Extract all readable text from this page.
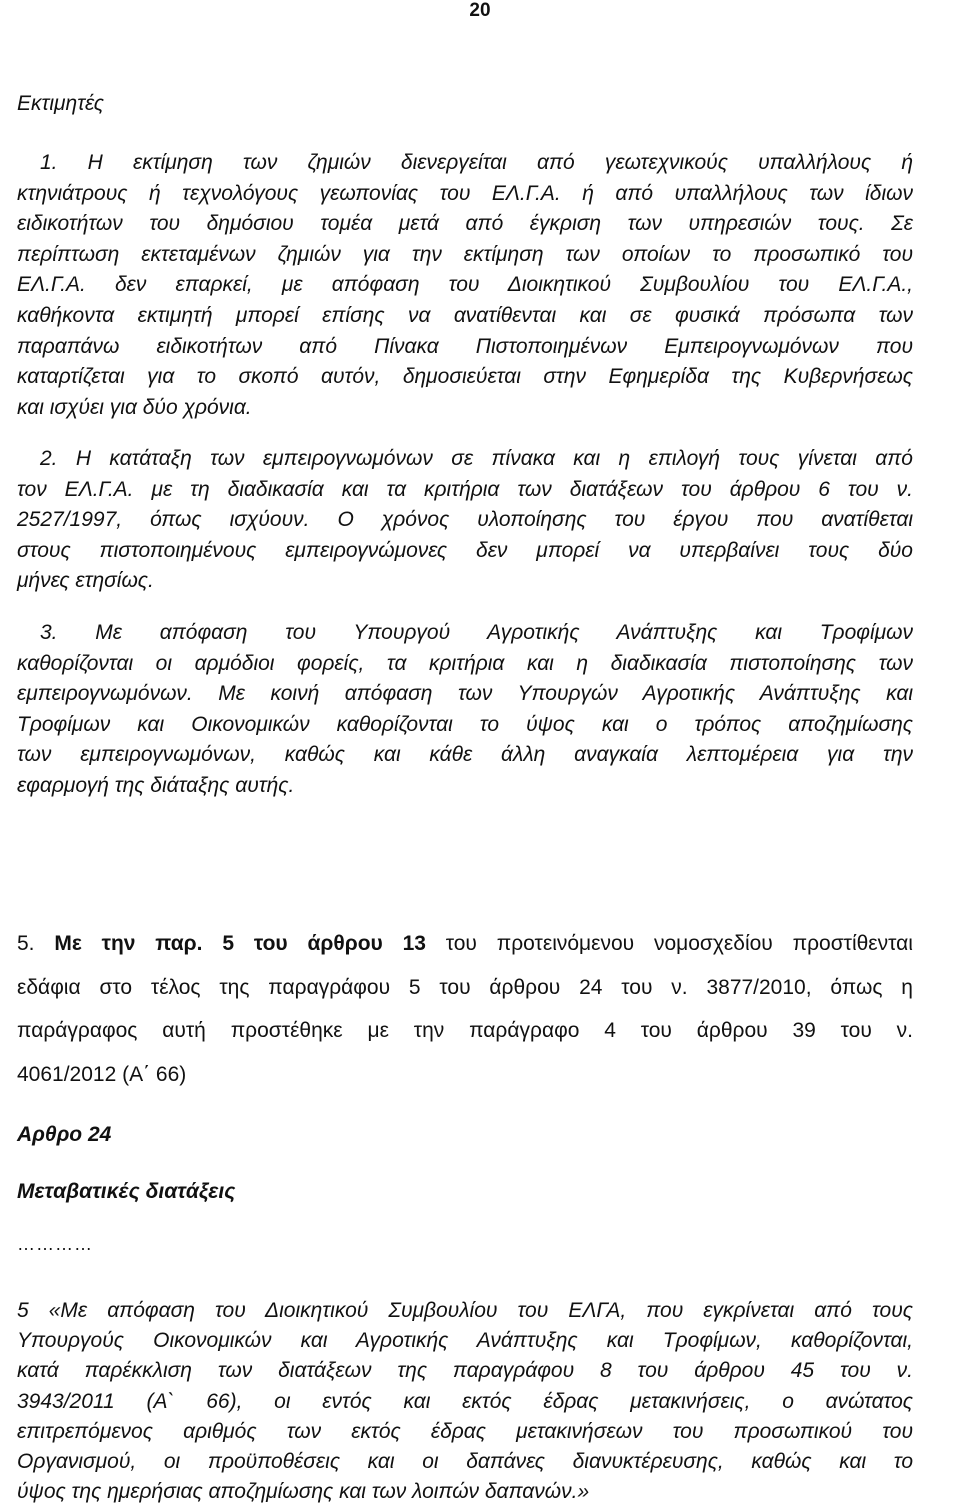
20
Εκτιμητές
1. Η εκτίμηση των ζημιών διενεργείται από γεωτεχνικούς υπαλλήλους ή
κτηνιάτρους ή τεχνολόγους γεωπονίας του ΕΛ.Γ.Α. ή από υπαλλήλους των ίδιων
ειδικοτήτων του δημόσιου τομέα μετά από έγκριση των υπηρεσιών τους. Σε
περίπτωση εκτεταμένων ζημιών για την εκτίμηση των οποίων το προσωπικό του
ΕΛ.Γ.Α. δεν επαρκεί, με απόφαση του Διοικητικού Συμβουλίου του ΕΛ.Γ.Α.,
καθήκοντα εκτιμητή μπορεί επίσης να ανατίθενται και σε φυσικά πρόσωπα των
παραπάνω ειδικοτήτων από Πίνακα Πιστοποιημένων Εμπειρογνωμόνων που
καταρτίζεται για το σκοπό αυτόν, δημοσιεύεται στην Εφημερίδα της Κυβερνήσεως
και ισχύει για δύο χρόνια.
2. Η κατάταξη των εμπειρογνωμόνων σε πίνακα και η επιλογή τους γίνεται από
τον ΕΛ.Γ.Α. με τη διαδικασία και τα κριτήρια των διατάξεων του άρθρου 6 του ν.
2527/1997, όπως ισχύουν. Ο χρόνος υλοποίησης του έργου που ανατίθεται
στους πιστοποιημένους εμπειρογνώμονες δεν μπορεί να υπερβαίνει τους δύο
μήνες ετησίως.
3. Με απόφαση του Υπουργού Αγροτικής Ανάπτυξης και Τροφίμων
καθορίζονται οι αρμόδιοι φορείς, τα κριτήρια και η διαδικασία πιστοποίησης των
εμπειρογνωμόνων. Με κοινή απόφαση των Υπουργών Αγροτικής Ανάπτυξης και
Τροφίμων και Οικονομικών καθορίζονται το ύψος και ο τρόπος αποζημίωσης
των εμπειρογνωμόνων, καθώς και κάθε άλλη αναγκαία λεπτομέρεια για την
εφαρμογή της διάταξης αυτής.
5. Με την παρ. 5 του άρθρου 13 του προτεινόμενου νομοσχεδίου προστίθενται
εδάφια στο τέλος της παραγράφου 5 του άρθρου 24 του ν. 3877/2010, όπως η
παράγραφος αυτή προστέθηκε με την παράγραφο 4 του άρθρου 39 του ν.
4061/2012 (Α΄ 66)
Αρθρο 24
Μεταβατικές διατάξεις
…………
5 «Με απόφαση του Διοικητικού Συμβουλίου του ΕΛΓΑ, που εγκρίνεται από τους
Υπουργούς Οικονομικών και Αγροτικής Ανάπτυξης και Τροφίμων, καθορίζονται,
κατά παρέκκλιση των διατάξεων της παραγράφου 8 του άρθρου 45 του ν.
3943/2011 (Α` 66), οι εντός και εκτός έδρας μετακινήσεις, ο ανώτατος
επιτρεπόμενος αριθμός των εκτός έδρας μετακινήσεων του προσωπικού του
Οργανισμού, οι προϋποθέσεις και οι δαπάνες διανυκτέρευσης, καθώς και το
ύψος της ημερήσιας αποζημίωσης και των λοιπών δαπανών.»
